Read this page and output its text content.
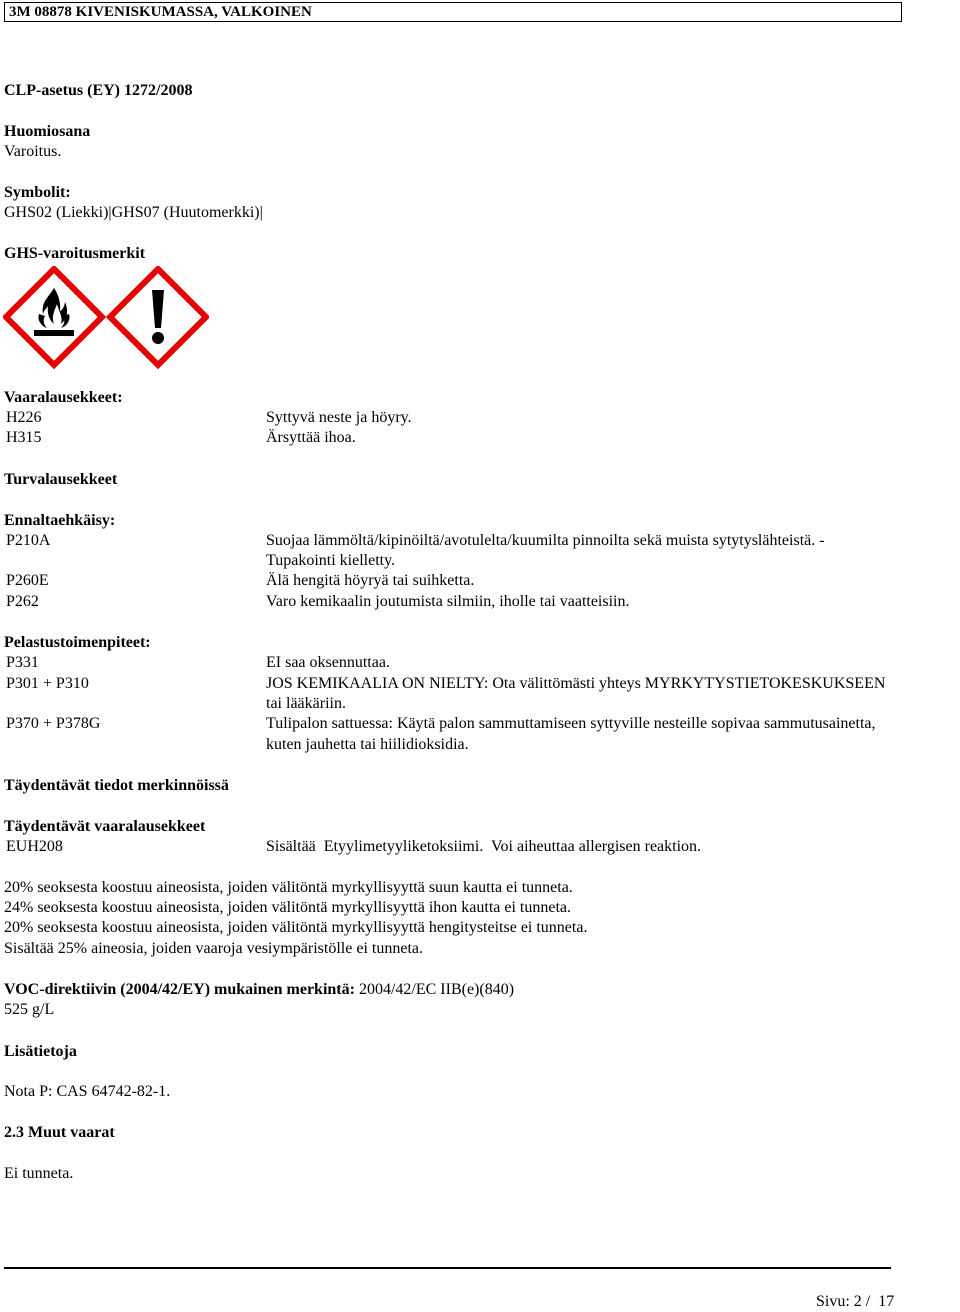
3M 08878 KIVENISKUMASSA, VALKOINEN
CLP-asetus (EY) 1272/2008
Huomiosana
Varoitus.
Symbolit:
GHS02 (Liekki)|GHS07 (Huutomerkki)|
GHS-varoitusmerkit
Vaaralausekkeet:
H226	Syttyvä neste ja höyry.
H315	Ärsyttää ihoa.
Turvalausekkeet
Ennaltaehkäisy:
P210A	Suojaa lämmöltä/kipinöiltä/avotulelta/kuumilta pinnoilta sekä muista sytytyslähteistä. -
Tupakointi kielletty.
P260E	Älä hengitä höyryä tai suihketta.
P262	Varo kemikaalin joutumista silmiin, iholle tai vaatteisiin.
Pelastustoimenpiteet:
P331	EI saa oksennuttaa.
P301 + P310	JOS KEMIKAALIA ON NIELTY: Ota välittömästi yhteys MYRKYTYSTIETOKESKUKSEEN
tai lääkäriin.
P370 + P378G	Tulipalon sattuessa: Käytä palon sammuttamiseen syttyville nesteille sopivaa sammutusainetta,
kuten jauhetta tai hiilidioksidia.
Täydentävät tiedot merkinnöissä
Täydentävät vaaralausekkeet
EUH208	Sisältää  Etyylimetyyliketoksiimi.  Voi aiheuttaa allergisen reaktion.
20% seoksesta koostuu aineosista, joiden välitöntä myrkyllisyyttä suun kautta ei tunneta.
24% seoksesta koostuu aineosista, joiden välitöntä myrkyllisyyttä ihon kautta ei tunneta.
20% seoksesta koostuu aineosista, joiden välitöntä myrkyllisyyttä hengitysteitse ei tunneta.
Sisältää 25% aineosia, joiden vaaroja vesiympäristölle ei tunneta.
VOC-direktiivin (2004/42/EY) mukainen merkintä: 2004/42/EC IIB(e)(840)
525 g/L
Lisätietoja
Nota P: CAS 64742-82-1.
2.3 Muut vaarat
Ei tunneta.
Sivu: 2 /  17
